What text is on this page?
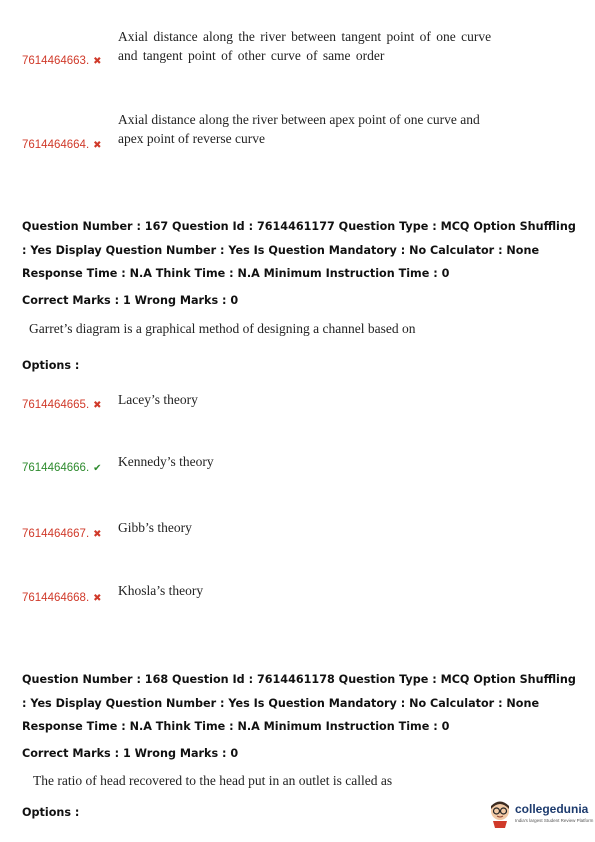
Axial distance along the river between tangent point of one curve and tangent point of other curve of same order
7614464663. ✖
Axial distance along the river between apex point of one curve and apex point of reverse curve
7614464664. ✖
Question Number : 167 Question Id : 7614461177 Question Type : MCQ Option Shuffling : Yes Display Question Number : Yes Is Question Mandatory : No Calculator : None Response Time : N.A Think Time : N.A Minimum Instruction Time : 0
Correct Marks : 1 Wrong Marks : 0
Garret’s diagram is a graphical method of designing a channel based on
Options :
Lacey’s theory
7614464665. ✖
Kennedy’s theory
7614464666. ✔
Gibb’s theory
7614464667. ✖
Khosla’s theory
7614464668. ✖
Question Number : 168 Question Id : 7614461178 Question Type : MCQ Option Shuffling : Yes Display Question Number : Yes Is Question Mandatory : No Calculator : None Response Time : N.A Think Time : N.A Minimum Instruction Time : 0
Correct Marks : 1 Wrong Marks : 0
The ratio of head recovered to the head put in an outlet is called as
Options :	collegedunia
India's largest Student Review Platform
